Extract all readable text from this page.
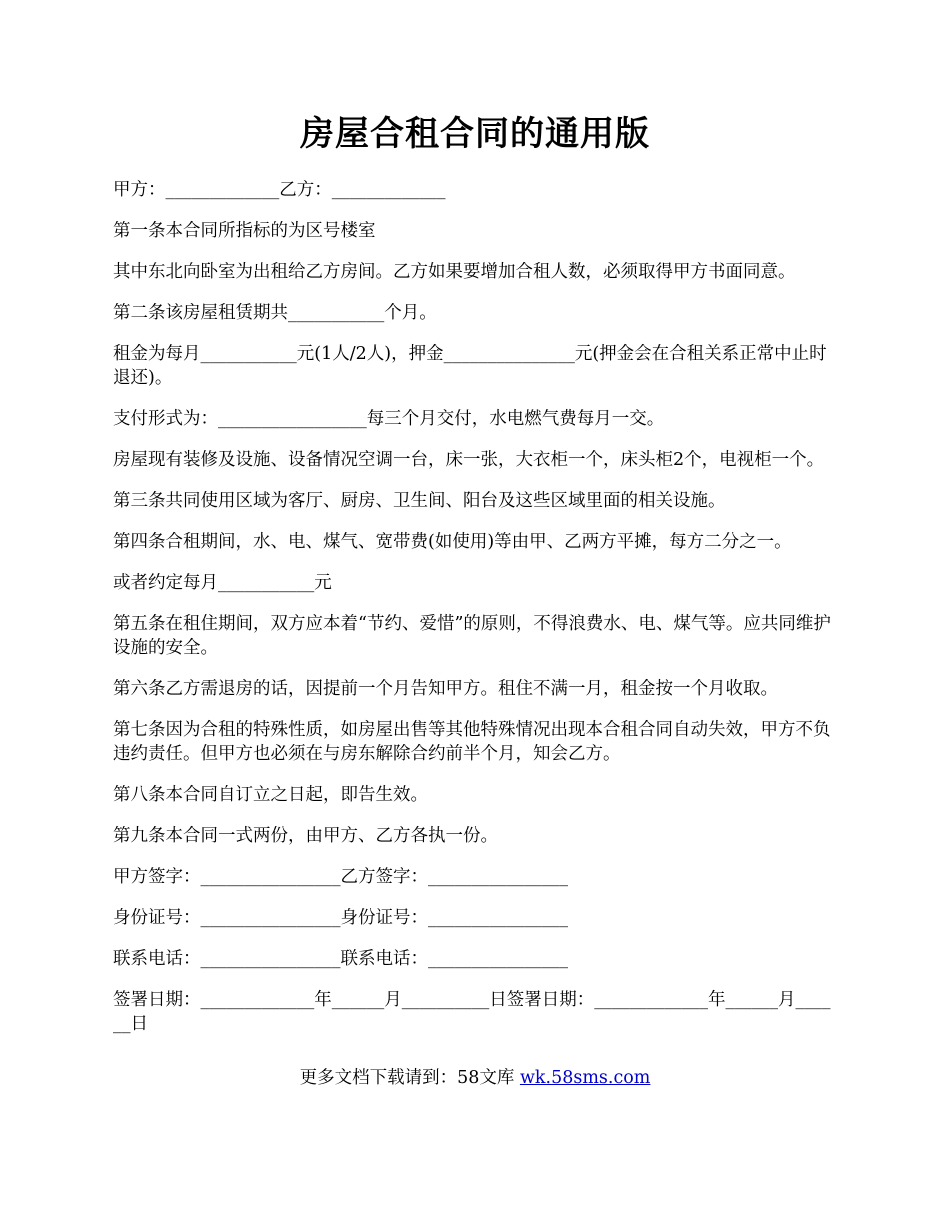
房屋合租合同的通用版

甲方：_____________乙方：_____________

第一条本合同所指标的为区号楼室

其中东北向卧室为出租给乙方房间。乙方如果要增加合租人数，必须取得甲方书面同意。

第二条该房屋租赁期共___________个月。

租金为每月___________元(1人/2人)，押金_______________元(押金会在合租关系正常中止时退还)。

支付形式为：_________________每三个月交付，水电燃气费每月一交。

房屋现有装修及设施、设备情况空调一台，床一张，大衣柜一个，床头柜2个，电视柜一个。

第三条共同使用区域为客厅、厨房、卫生间、阳台及这些区域里面的相关设施。

第四条合租期间，水、电、煤气、宽带费(如使用)等由甲、乙两方平摊，每方二分之一。

或者约定每月___________元

第五条在租住期间，双方应本着“节约、爱惜”的原则，不得浪费水、电、煤气等。应共同维护设施的安全。

第六条乙方需退房的话，因提前一个月告知甲方。租住不满一月，租金按一个月收取。

第七条因为合租的特殊性质，如房屋出售等其他特殊情况出现本合租合同自动失效，甲方不负违约责任。但甲方也必须在与房东解除合约前半个月，知会乙方。

第八条本合同自订立之日起，即告生效。

第九条本合同一式两份，由甲方、乙方各执一份。

甲方签字：________________乙方签字：________________

身份证号：________________身份证号：________________

联系电话：________________联系电话：________________

签署日期：_____________年______月__________日签署日期：_____________年______月______日

更多文档下载请到：58文库 wk.58sms.com
